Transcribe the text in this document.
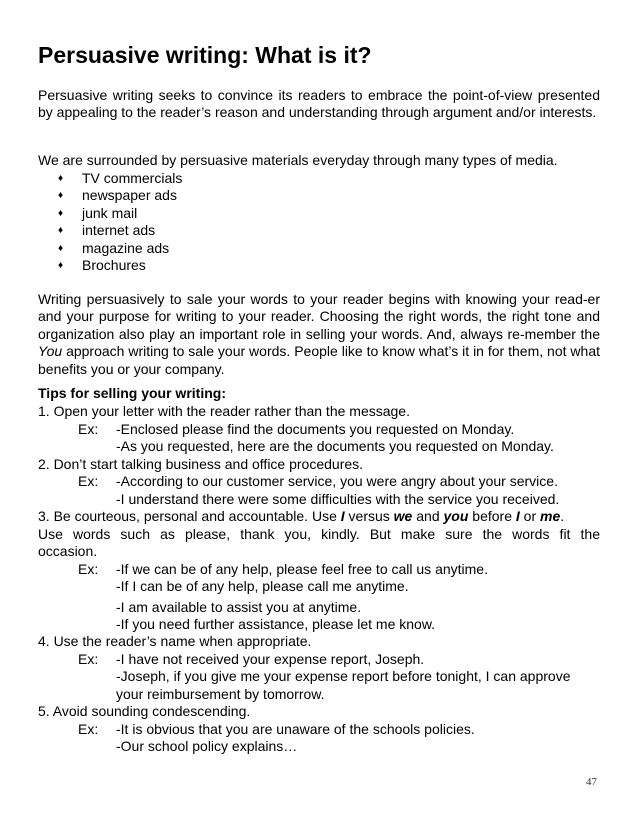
Persuasive writing: What is it?

Persuasive writing seeks to convince its readers to embrace the point-of-view presented by appealing to the reader’s reason and understanding through argument and/or interests.

We are surrounded by persuasive materials everyday through many types of media.

♦ TV commercials
♦ newspaper ads
♦ junk mail
♦ internet ads
♦ magazine ads
♦ Brochures

Writing persuasively to sale your words to your reader begins with knowing your read-er and your purpose for writing to your reader. Choosing the right words, the right tone and organization also play an important role in selling your words. And, always re-member the You approach writing to sale your words. People like to know what’s it in for them, not what benefits you or your company.

Tips for selling your writing:
1. Open your letter with the reader rather than the message.
Ex: -Enclosed please find the documents you requested on Monday.
-As you requested, here are the documents you requested on Monday.
2. Don’t start talking business and office procedures.
Ex: -According to our customer service, you were angry about your service.
-I understand there were some difficulties with the service you received.
3. Be courteous, personal and accountable. Use I versus we and you before I or me.
Use words such as please, thank you, kindly. But make sure the words fit the
occasion.
Ex: -If we can be of any help, please feel free to call us anytime.
-If I can be of any help, please call me anytime.
-I am available to assist you at anytime.
-If you need further assistance, please let me know.
4. Use the reader’s name when appropriate.
Ex: -I have not received your expense report, Joseph.
-Joseph, if you give me your expense report before tonight, I can approve
your reimbursement by tomorrow.
5. Avoid sounding condescending.
Ex: -It is obvious that you are unaware of the schools policies.
-Our school policy explains…
47
